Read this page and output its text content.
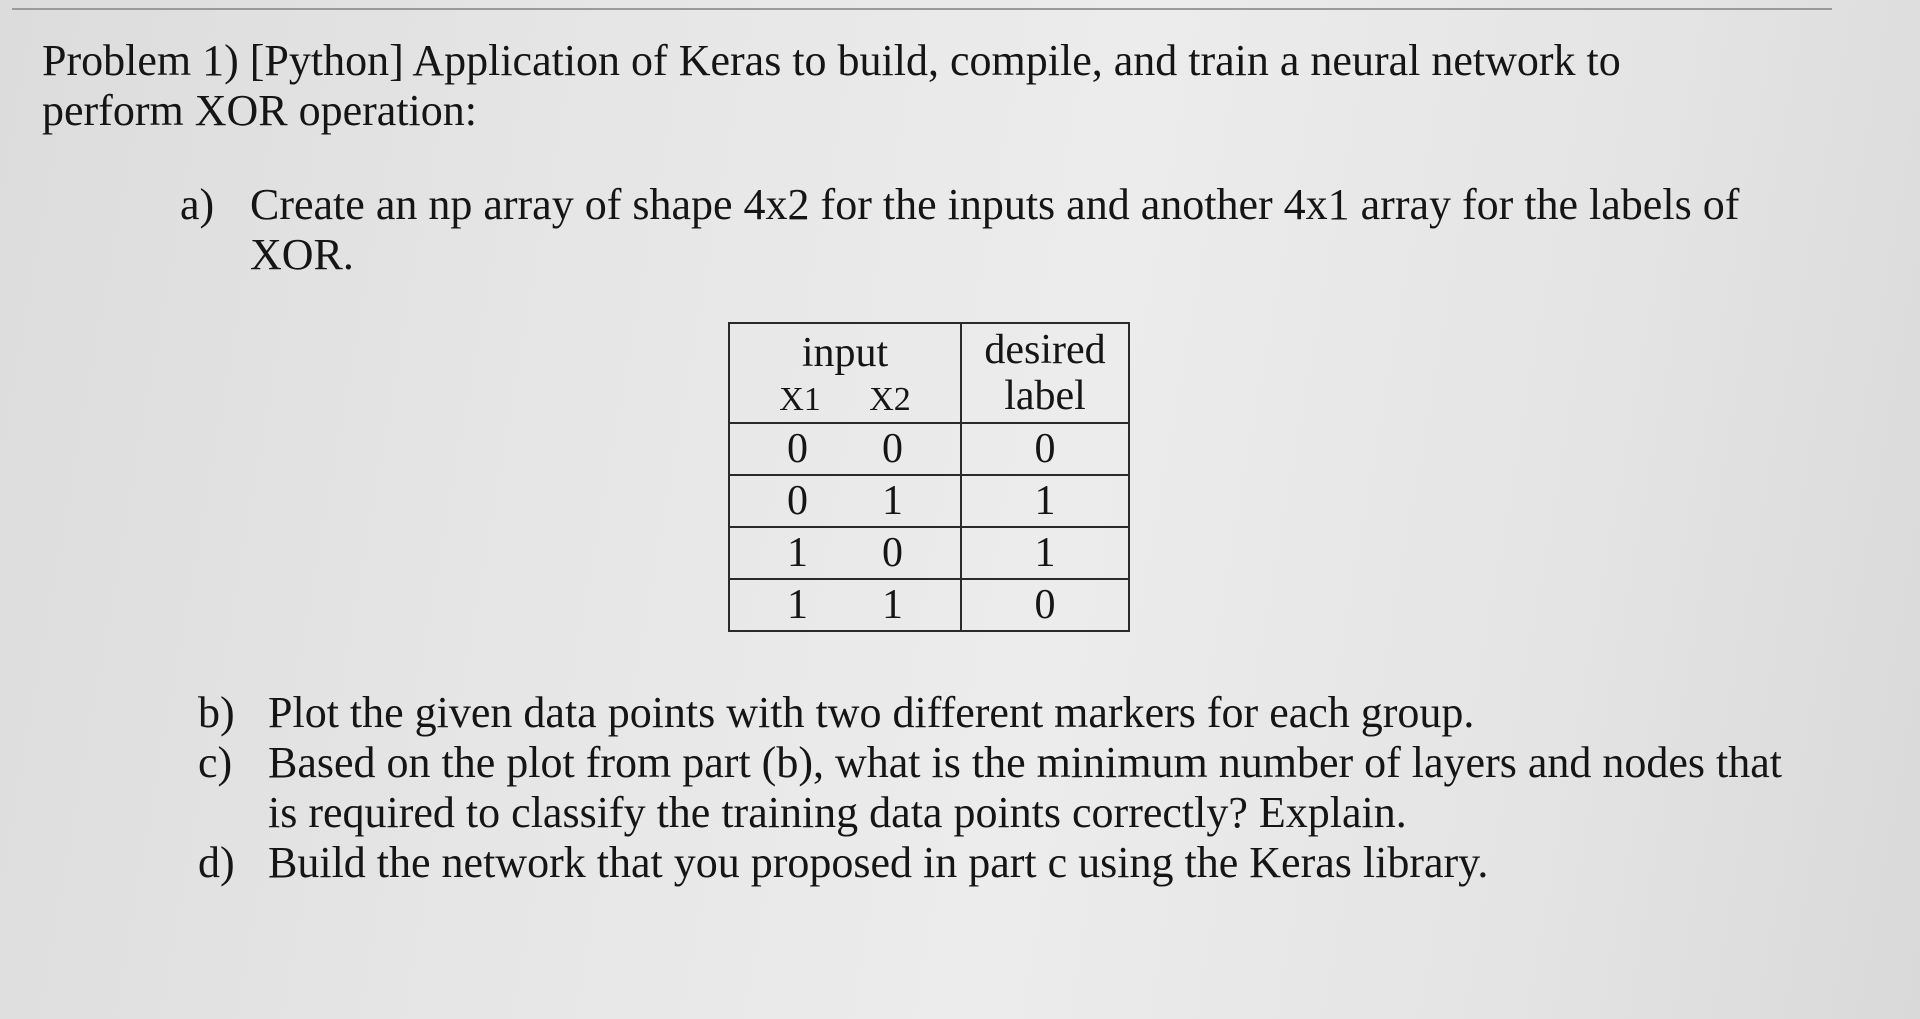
Problem 1) [Python] Application of Keras to build, compile, and train a neural network to perform XOR operation:
a) Create an np array of shape 4x2 for the inputs and another 4x1 array for the labels of XOR.
input
X1 X2	desired
label

0 0	0
0 1	1
1 0	1
1 1	0
b) Plot the given data points with two different markers for each group.
c) Based on the plot from part (b), what is the minimum number of layers and nodes that is required to classify the training data points correctly? Explain.
d) Build the network that you proposed in part c using the Keras library.
